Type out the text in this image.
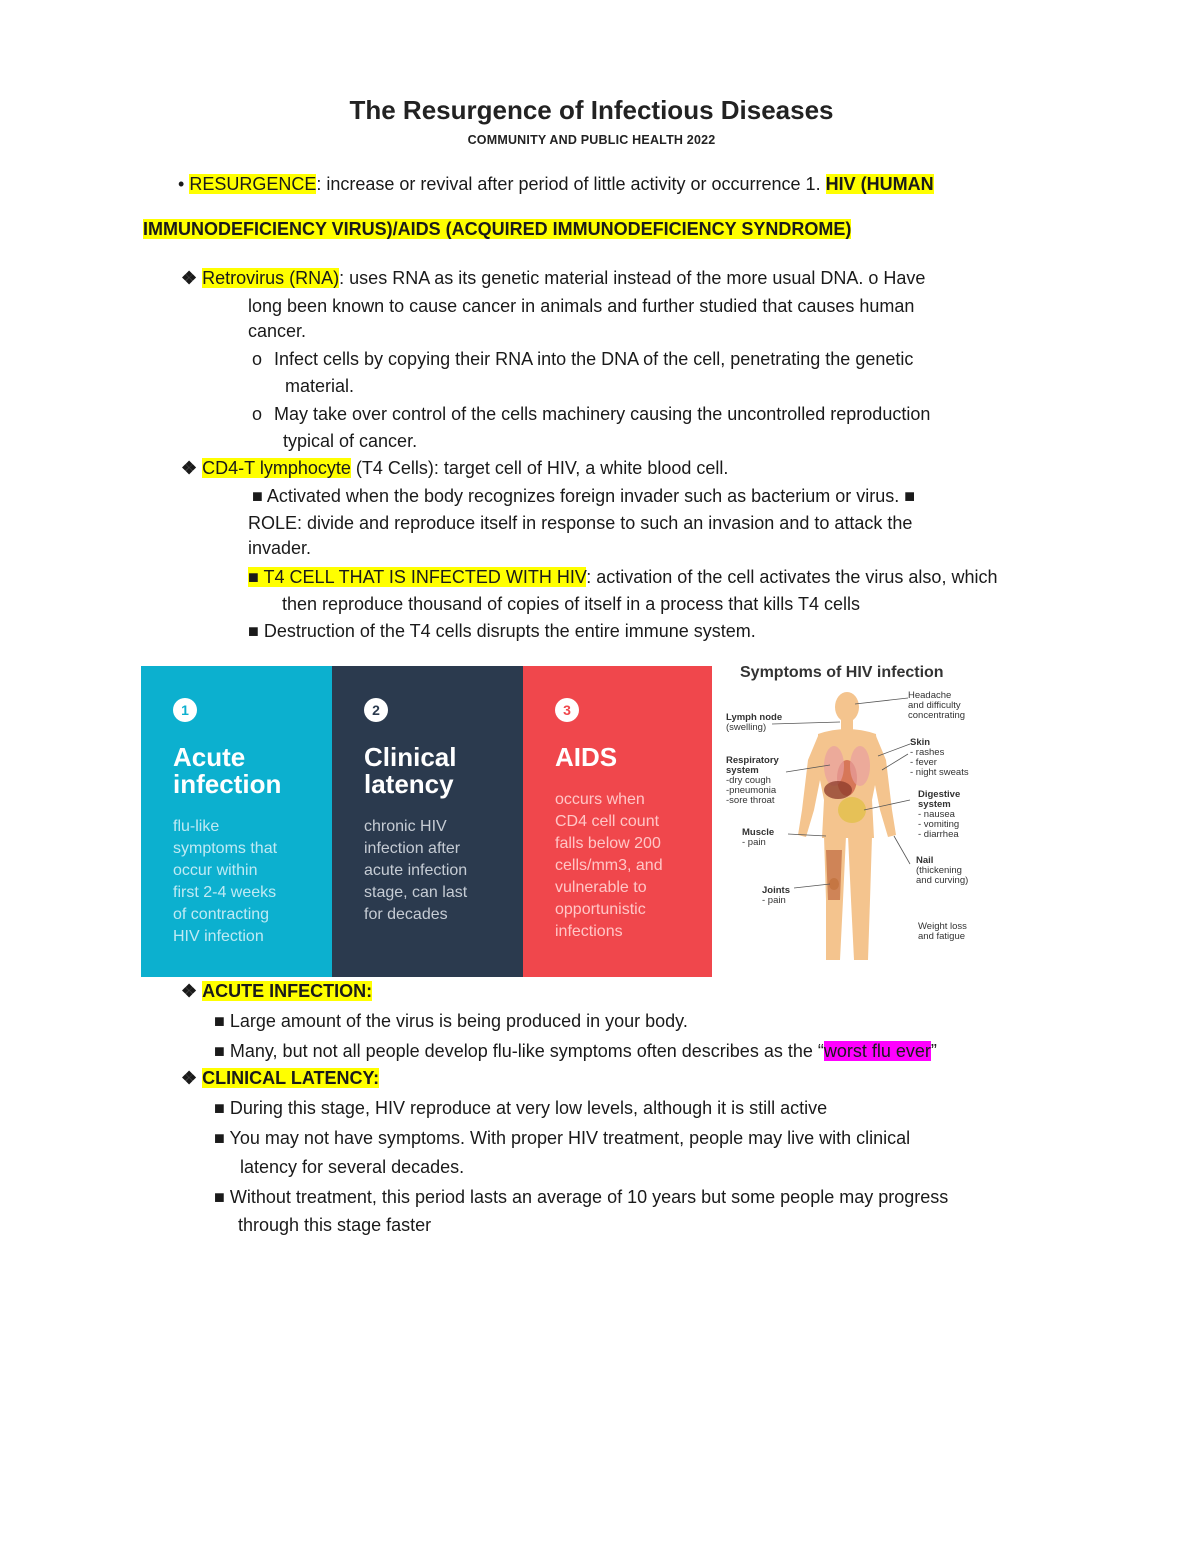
The Resurgence of Infectious Diseases
COMMUNITY AND PUBLIC HEALTH 2022
• RESURGENCE: increase or revival after period of little activity or occurrence 1. HIV (HUMAN
IMMUNODEFICIENCY VIRUS)/AIDS (ACQUIRED IMMUNODEFICIENCY SYNDROME)
❖ Retrovirus (RNA): uses RNA as its genetic material instead of the more usual DNA. o Have
long been known to cause cancer in animals and further studied that causes human
cancer.
o Infect cells by copying their RNA into the DNA of the cell, penetrating the genetic
material.
o May take over control of the cells machinery causing the uncontrolled reproduction
typical of cancer.
❖ CD4-T lymphocyte (T4 Cells): target cell of HIV, a white blood cell.
■ Activated when the body recognizes foreign invader such as bacterium or virus. ■
ROLE: divide and reproduce itself in response to such an invasion and to attack the
invader.
■ T4 CELL THAT IS INFECTED WITH HIV: activation of the cell activates the virus also, which
then reproduce thousand of copies of itself in a process that kills T4 cells
■ Destruction of the T4 cells disrupts the entire immune system.
1
Acute
infection
flu-like
symptoms that
occur within
first 2-4 weeks
of contracting
HIV infection
2
Clinical
latency
chronic HIV
infection after
acute infection
stage, can last
for decades
3
AIDS
occurs when
CD4 cell count
falls below 200
cells/mm3, and
vulnerable to
opportunistic
infections
Symptoms of HIV infection
Lymph node
(swelling)
Respiratory
system
-dry cough
-pneumonia
-sore throat
Muscle
- pain
Joints
- pain
Headache
and difficulty
concentrating
Skin
- rashes
- fever
- night sweats
Digestive
system
- nausea
- vomiting
- diarrhea
Nail
(thickening
and curving)
Weight loss
and fatigue
❖ ACUTE INFECTION:
■ Large amount of the virus is being produced in your body.
■ Many, but not all people develop flu-like symptoms often describes as the “worst flu ever”
❖ CLINICAL LATENCY:
■ During this stage, HIV reproduce at very low levels, although it is still active
■ You may not have symptoms. With proper HIV treatment, people may live with clinical
latency for several decades.
■ Without treatment, this period lasts an average of 10 years but some people may progress
through this stage faster
